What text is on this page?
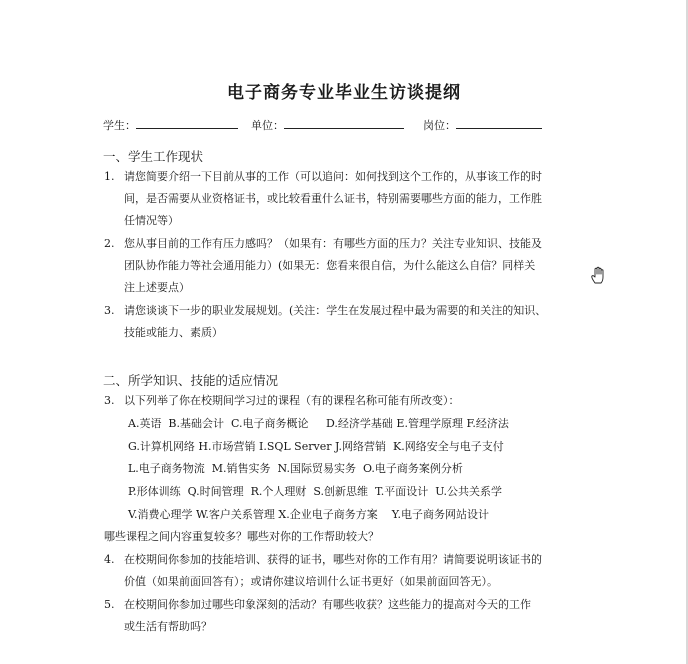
电子商务专业毕业生访谈提纲
学生：	单位：	岗位：
一、学生工作现状
1. 请您简要介绍一下目前从事的工作（可以追问：如何找到这个工作的，从事该工作的时
间，是否需要从业资格证书，或比较看重什么证书，特别需要哪些方面的能力，工作胜
任情况等）
2. 您从事目前的工作有压力感吗？（如果有：有哪些方面的压力？关注专业知识、技能及
团队协作能力等社会通用能力）(如果无：您看来很自信，为什么能这么自信？同样关
注上述要点）
3. 请您谈谈下一步的职业发展规划。(关注：学生在发展过程中最为需要的和关注的知识、
技能或能力、素质）
二、所学知识、技能的适应情况
3. 以下列举了你在校期间学习过的课程（有的课程名称可能有所改变）：
A.英语  B.基础会计  C.电子商务概论     D.经济学基础 E.管理学原理 F.经济法
G.计算机网络 H.市场营销 I.SQL Server J.网络营销  K.网络安全与电子支付
L.电子商务物流  M.销售实务  N.国际贸易实务  O.电子商务案例分析
P.形体训练  Q.时间管理  R.个人理财  S.创新思维  T.平面设计  U.公共关系学
V.消费心理学 W.客户关系管理 X.企业电子商务方案    Y.电子商务网站设计
哪些课程之间内容重复较多？哪些对你的工作帮助较大？
4. 在校期间你参加的技能培训、获得的证书，哪些对你的工作有用？请简要说明该证书的
价值（如果前面回答有）；或请你建议培训什么证书更好（如果前面回答无）。
5. 在校期间你参加过哪些印象深刻的活动？有哪些收获？这些能力的提高对今天的工作
或生活有帮助吗？
